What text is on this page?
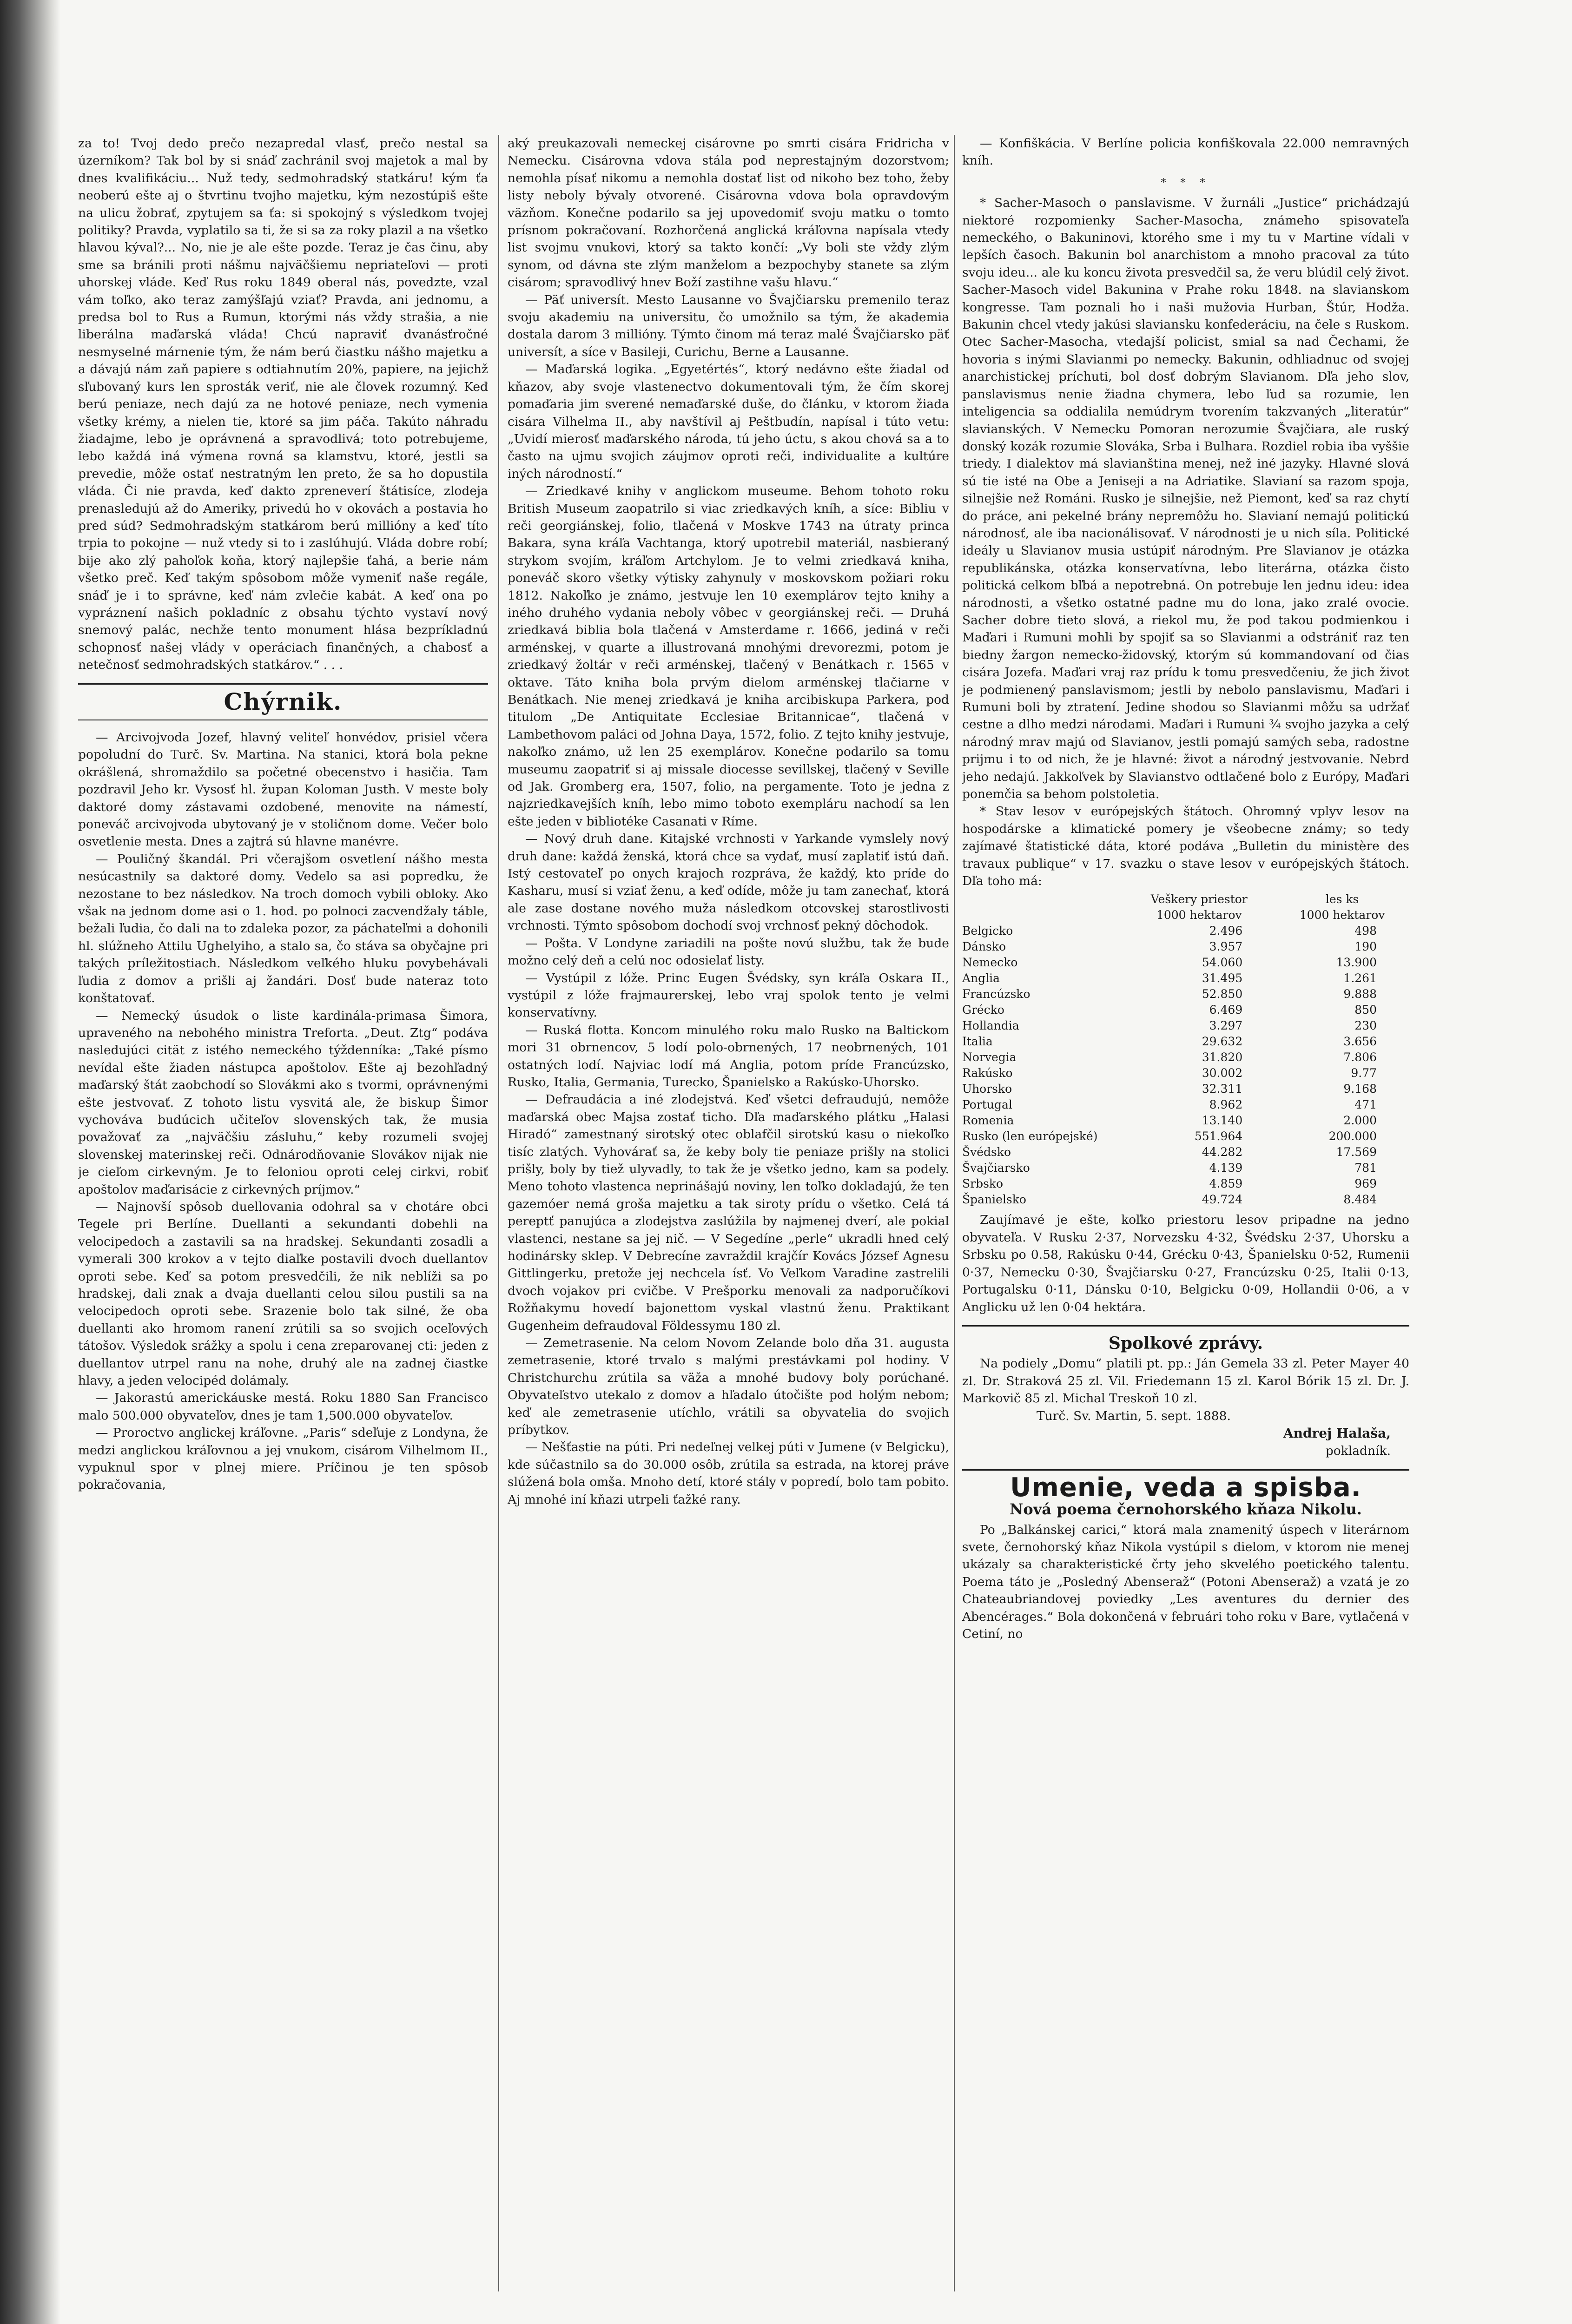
za to! Tvoj dedo prečo nezapredal vlasť, prečo nestal sa úzerníkom? Tak bol by si snáď zachránil svoj majetok a mal by dnes kvalifikáciu... Nuž tedy, sedmohradský statkáru! kým ťa neoberú ešte aj o štvrtinu tvojho majetku, kým nezostúpiš ešte na ulicu žobrať, zpytujem sa ťa: si spokojný s výsledkom tvojej politiky? Pravda, vyplatilo sa ti, že si sa za roky plazil a na všetko hlavou kýval?... No, nie je ale ešte pozde. Teraz je čas činu, aby sme sa bránili proti nášmu najväčšiemu nepriateľovi — proti uhorskej vláde. Keď Rus roku 1849 oberal nás, povedzte, vzal vám toľko, ako teraz zamýšľajú vziať? Pravda, ani jednomu, a predsa bol to Rus a Rumun, ktorými nás vždy strašia, a nie liberálna maďarská vláda! Chcú napraviť dvanásťročné nesmyselné márnenie tým, že nám berú čiastku nášho majetku a a dávajú nám zaň papiere s odtiahnutím 20%, papiere, na jejichž sľubovaný kurs len sprosták veriť, nie ale človek rozumný. Keď berú peniaze, nech dajú za ne hotové peniaze, nech vymenia všetky krémy, a nielen tie, ktoré sa jim páča. Takúto náhradu žiadajme, lebo je oprávnená a spravodlivá; toto potrebujeme, lebo každá iná výmena rovná sa klamstvu, ktoré, jestli sa prevedie, môže ostať nestratným len preto, že sa ho dopustila vláda. Či nie pravda, keď dakto zpreneverí štátisíce, zlodeja prenasledujú až do Ameriky, privedú ho v okovách a postavia ho pred súd? Sedmohradským statkárom berú millióny a keď títo trpia to pokojne — nuž vtedy si to i zaslúhujú. Vláda dobre robí; bije ako zlý pahoľok koňa, ktorý najlepšie ťahá, a berie nám všetko preč. Keď takým spôsobom môže vymeniť naše regále, snáď je i to správne, keď nám zvlečie kabát. A keď ona po vypráznení našich pokladníc z obsahu týchto vystaví nový snemový palác, nechže tento monument hlása bezpríkladnú schopnosť našej vlády v operáciach finančných, a chabosť a netečnosť sedmohradských statkárov.“ . . .

Chýrnik.

— Arcivojvoda Jozef, hlavný veliteľ honvédov, prisiel včera popoludní do Turč. Sv. Martina. Na stanici, ktorá bola pekne okrášlená, shromaždilo sa početné obecenstvo i hasičia. Tam pozdravil Jeho kr. Vysosť hl. župan Koloman Justh. V meste boly daktoré domy zástavami ozdobené, menovite na námestí, poneváč arcivojvoda ubytovaný je v stoličnom dome. Večer bolo osvetlenie mesta. Dnes a zajtrá sú hlavne manévre.

— Pouličný škandál. Pri včerajšom osvetlení nášho mesta nesúcastnily sa daktoré domy. Vedelo sa asi popredku, že nezostane to bez následkov. Na troch domoch vybili obloky. Ako však na jednom dome asi o 1. hod. po polnoci zacvendžaly táble, bežali ľudia, čo dali na to zdaleka pozor, za páchateľmi a dohonili hl. slúžneho Attilu Ughelyiho, a stalo sa, čo stáva sa obyčajne pri takých príležitostiach. Následkom veľkého hluku povybehávali ľudia z domov a prišli aj žandári. Dosť bude nateraz toto konštatovať.

— Nemecký úsudok o liste kardinála-primasa Šimora, upraveného na nebohého ministra Treforta. „Deut. Ztg“ podáva nasledujúci cität z istého nemeckého týždenníka: „Také písmo nevídal ešte žiaden nástupca apoštolov. Ešte aj bezohľadný maďarský štát zaobchodí so Slovákmi ako s tvormi, oprávnenými ešte jestvovať. Z tohoto listu vysvitá ale, že biskup Šimor vychováva budúcich učiteľov slovenských tak, že musia považovať za „najväčšiu zásluhu,“ keby rozumeli svojej slovenskej materinskej reči. Odnárodňovanie Slovákov nijak nie je cieľom cirkevným. Je to feloniou oproti celej cirkvi, robiť apoštolov maďarisácie z cirkevných príjmov.“

— Najnovší spôsob duellovania odohral sa v chotáre obci Tegele pri Berlíne. Duellanti a sekundanti dobehli na velocipedoch a zastavili sa na hradskej. Sekundanti zosadli a vymerali 300 krokov a v tejto diaľke postavili dvoch duellantov oproti sebe. Keď sa potom presvedčili, že nik neblíži sa po hradskej, dali znak a dvaja duellanti celou silou pustili sa na velocipedoch oproti sebe. Srazenie bolo tak silné, že oba duellanti ako hromom ranení zrútili sa so svojich oceľových tátošov. Výsledok srážky a spolu i cena zreparovanej cti: jeden z duellantov utrpel ranu na nohe, druhý ale na zadnej čiastke hlavy, a jeden velocipéd dolámaly.

— Jakorastú americkáuske mestá. Roku 1880 San Francisco malo 500.000 obyvateľov, dnes je tam 1,500.000 obyvateľov.

— Proroctvo anglickej kráľovne. „Paris“ sdeľuje z Londyna, že medzi anglickou kráľovnou a jej vnukom, cisárom Vilhelmom II., vypuknul spor v plnej miere. Príčinou je ten spôsob pokračovania,

aký preukazovali nemeckej cisárovne po smrti cisára Fridricha v Nemecku. Cisárovna vdova stála pod neprestajným dozorstvom; nemohla písať nikomu a nemohla dostať list od nikoho bez toho, žeby listy neboly bývaly otvorené. Cisárovna vdova bola opravdovým väzňom. Konečne podarilo sa jej upovedomiť svoju matku o tomto prísnom pokračovaní. Rozhorčená anglická kráľovna napísala vtedy list svojmu vnukovi, ktorý sa takto končí: „Vy boli ste vždy zlým synom, od dávna ste zlým manželom a bezpochyby stanete sa zlým cisárom; spravodlivý hnev Boží zastihne vašu hlavu.“

— Päť universít. Mesto Lausanne vo Švajčiarsku premenilo teraz svoju akademiu na universitu, čo umožnilo sa tým, že akademia dostala darom 3 millióny. Týmto činom má teraz malé Švajčiarsko päť universít, a síce v Basileji, Curichu, Berne a Lausanne.

— Maďarská logika. „Egyetértés“, ktorý nedávno ešte žiadal od kňazov, aby svoje vlastenectvo dokumentovali tým, že čím skorej pomaďaria jim sverené nemaďarské duše, do článku, v ktorom žiada cisára Vilhelma II., aby navštívil aj Peštbudín, napísal i túto vetu: „Uvidí mierosť maďarského národa, tú jeho úctu, s akou chová sa a to často na ujmu svojich záujmov oproti reči, individualite a kultúre iných národností.“

— Zriedkavé knihy v anglickom museume. Behom tohoto roku British Museum zaopatrilo si viac zriedkavých kníh, a síce: Bibliu v reči georgiánskej, folio, tlačená v Moskve 1743 na útraty princa Bakara, syna kráľa Vachtanga, ktorý upotrebil materiál, nasbieraný strykom svojím, kráľom Artchylom. Je to velmi zriedkavá kniha, poneváč skoro všetky výtisky zahynuly v moskovskom požiari roku 1812. Nakoľko je známo, jestvuje len 10 exemplárov tejto knihy a iného druhého vydania neboly vôbec v georgiánskej reči. — Druhá zriedkavá biblia bola tlačená v Amsterdame r. 1666, jediná v reči arménskej, v quarte a illustrovaná mnohými drevorezmi, potom je zriedkavý žoltár v reči arménskej, tlačený v Benátkach r. 1565 v oktave. Táto kniha bola prvým dielom arménskej tlačiarne v Benátkach. Nie menej zriedkavá je kniha arcibiskupa Parkera, pod titulom „De Antiquitate Ecclesiae Britannicae“, tlačená v Lambethovom paláci od Johna Daya, 1572, folio. Z tejto knihy jestvuje, nakoľko známo, už len 25 exemplárov. Konečne podarilo sa tomu museumu zaopatriť si aj missale diocesse sevillskej, tlačený v Seville od Jak. Gromberg era, 1507, folio, na pergamente. Toto je jedna z najzriedkavejších kníh, lebo mimo toboto exempláru nachodí sa len ešte jeden v bibliotéke Casanati v Ríme.

— Nový druh dane. Kitajské vrchnosti v Yarkande vymslely nový druh dane: každá ženská, ktorá chce sa vydať, musí zaplatiť istú daň. Istý cestovateľ po onych krajoch rozpráva, že každý, kto príde do Kasharu, musí si vziať ženu, a keď odíde, môže ju tam zanechať, ktorá ale zase dostane nového muža následkom otcovskej starostlivosti vrchnosti. Týmto spôsobom dochodí svoj vrchnosť pekný dôchodok.

— Pošta. V Londyne zariadili na pošte novú službu, tak že bude možno celý deň a celú noc odosielať listy.

— Vystúpil z lóže. Princ Eugen Švédsky, syn kráľa Oskara II., vystúpil z lóže frajmaurerskej, lebo vraj spolok tento je velmi konservatívny.

— Ruská flotta. Koncom minulého roku malo Rusko na Baltickom mori 31 obrnencov, 5 lodí polo-obrnených, 17 neobrnených, 101 ostatných lodí. Najviac lodí má Anglia, potom príde Francúzsko, Rusko, Italia, Germania, Turecko, Španielsko a Rakúsko-Uhorsko.

— Defraudácia a iné zlodejstvá. Keď všetci defraudujú, nemôže maďarská obec Majsa zostať ticho. Dľa maďarského plátku „Halasi Hiradó“ zamestnaný sirotský otec oblafčil sirotskú kasu o niekoľko tisíc zlatých. Vyhovárať sa, že keby boly tie peniaze prišly na stolici prišly, boly by tiež ulyvadly, to tak že je všetko jedno, kam sa podely. Meno tohoto vlastenca neprinášajú noviny, len toľko dokladajú, že ten gazemóer nemá groša majetku a tak siroty prídu o všetko. Celá tá pereptť panujúca a zlodejstva zaslúžila by najmenej dverí, ale pokiaľ vlastenci, nestane sa jej nič. — V Segedíne „perle“ ukradli hned celý hodinársky sklep. V Debrecíne zavraždil krajčír Kovács József Agnesu Gittlingerku, pretože jej nechcela ísť. Vo Veľkom Varadine zastrelili dvoch vojakov pri cvičbe. V Prešporku menovali za nadporučíkovi Rožňakymu hovedí bajonettom vyskal vlastnú ženu. Praktikant Gugenheim defraudoval Földessymu 180 zl.

— Zemetrasenie. Na celom Novom Zelande bolo dňa 31. augusta zemetrasenie, ktoré trvalo s malými prestávkami pol hodiny. V Christchurchu zrútila sa väža a mnohé budovy boly porúchané. Obyvateľstvo utekalo z domov a hľadalo útočište pod holým nebom; keď ale zemetrasenie utíchlo, vrátili sa obyvatelia do svojich príbytkov.

— Nešťastie na púti. Pri nedeľnej velkej púti v Jumene (v Belgicku), kde súčastnilo sa do 30.000 osôb, zrútila sa estrada, na ktorej práve slúžená bola omša. Mnoho detí, ktoré stály v popredí, bolo tam pobito. Aj mnohé iní kňazi utrpeli ťažké rany.

— Konfiškácia. V Berlíne policia konfiškovala 22.000 nemravných kníh.

* * *

* Sacher-Masoch o panslavisme. V žurnáli „Justice“ prichádzajú niektoré rozpomienky Sacher-Masocha, známeho spisovateľa nemeckého, o Bakuninovi, ktorého sme i my tu v Martine vídali v lepších časoch. Bakunin bol anarchistom a mnoho pracoval za túto svoju ideu... ale ku koncu života presvedčil sa, že veru blúdil celý život. Sacher-Masoch videl Bakunina v Prahe roku 1848. na slavianskom kongresse. Tam poznali ho i naši mužovia Hurban, Štúr, Hodža. Bakunin chcel vtedy jakúsi slaviansku konfederáciu, na čele s Ruskom. Otec Sacher-Masocha, vtedajší policist, smial sa nad Čechami, že hovoria s inými Slavianmi po nemecky. Bakunin, odhliadnuc od svojej anarchistickej príchuti, bol dosť dobrým Slavianom. Dľa jeho slov, panslavismus nenie žiadna chymera, lebo ľud sa rozumie, len inteligencia sa oddialila nemúdrym tvorením takzvaných „literatúr“ slavianských. V Nemecku Pomoran nerozumie Švajčiara, ale ruský donský kozák rozumie Slováka, Srba i Bulhara. Rozdiel robia iba vyššie triedy. I dialektov má slavianština menej, než iné jazyky. Hlavné slová sú tie isté na Obe a Jeniseji a na Adriatike. Slavianí sa razom spoja, silnejšie než Románi. Rusko je silnejšie, než Piemont, keď sa raz chytí do práce, ani pekelné brány nepremôžu ho. Slavianí nemajú politickú národnosť, ale iba nacionálisovať. V národnosti je u nich síla. Politické ideály u Slavianov musia ustúpiť národným. Pre Slavianov je otázka republikánska, otázka konservatívna, lebo literárna, otázka čisto politická celkom bľbá a nepotrebná. On potrebuje len jednu ideu: idea národnosti, a všetko ostatné padne mu do lona, jako zralé ovocie. Sacher dobre tieto slová, a riekol mu, že pod takou podmienkou i Maďari i Rumuni mohli by spojiť sa so Slavianmi a odstrániť raz ten biedny žargon nemecko-židovský, ktorým sú kommandovaní od čias cisára Jozefa. Maďari vraj raz prídu k tomu presvedčeniu, že jich život je podmienený panslavismom; jestli by nebolo panslavismu, Maďari i Rumuni boli by ztratení. Jedine shodou so Slavianmi môžu sa udržať cestne a dlho medzi národami. Maďari i Rumuni ¾ svojho jazyka a celý národný mrav majú od Slavianov, jestli pomajú samých seba, radostne prijmu i to od nich, že je hlavné: život a národný jestvovanie. Nebrd jeho nedajú. Jakkoľvek by Slavianstvo odtlačené bolo z Európy, Maďari ponemčia sa behom polstoletia.

* Stav lesov v európejských štátoch. Ohromný vplyv lesov na hospodárske a klimatické pomery je všeobecne známy; so tedy zajímavé štatistické dáta, ktoré podáva „Bulletin du ministère des travaux publique“ v 17. svazku o stave lesov v európejských štátoch. Dľa toho má:

	Veškery priestor	les ks
	1000 hektarov	1000 hektarov
Belgicko	2.496	498
Dánsko	3.957	190
Nemecko	54.060	13.900
Anglia	31.495	1.261
Francúzsko	52.850	9.888
Grécko	6.469	850
Hollandia	3.297	230
Italia	29.632	3.656
Norvegia	31.820	7.806
Rakúsko	30.002	9.77
Uhorsko	32.311	9.168
Portugal	8.962	471
Romenia	13.140	2.000
Rusko (len európejské)	551.964	200.000
Švédsko	44.282	17.569
Švajčiarsko	4.139	781
Srbsko	4.859	969
Španielsko	49.724	8.484

Zaujímavé je ešte, koľko priestoru lesov pripadne na jedno obyvateľa. V Rusku 2·37, Norvezsku 4·32, Švédsku 2·37, Uhorsku a Srbsku po 0.58, Rakúsku 0·44, Grécku 0·43, Španielsku 0·52, Rumenii 0·37, Nemecku 0·30, Švajčiarsku 0·27, Francúzsku 0·25, Italii 0·13, Portugalsku 0·11, Dánsku 0·10, Belgicku 0·09, Hollandii 0·06, a v Anglicku už len 0·04 hektára.

Spolkové zprávy.

Na podiely „Domu“ platili pt. pp.: Ján Gemela 33 zl. Peter Mayer 40 zl. Dr. Straková 25 zl. Vil. Friedemann 15 zl. Karol Bórik 15 zl. Dr. J. Markovič 85 zl. Michal Treskoň 10 zl.

Turč. Sv. Martin, 5. sept. 1888.

Andrej Halaša,

pokladník.

Umenie, veda a spisba.
Nová poema černohorského kňaza Nikolu.

Po „Balkánskej carici,“ ktorá mala znamenitý úspech v literárnom svete, černohorský kňaz Nikola vystúpil s dielom, v ktorom nie menej ukázaly sa charakteristické črty jeho skvelého poetického talentu. Poema táto je „Posledný Abenseraž“ (Potoni Abenseraž) a vzatá je zo Chateaubriandovej poviedky „Les aventures du dernier des Abencérages.“ Bola dokončená v februári toho roku v Bare, vytlačená v Cetiní, no
